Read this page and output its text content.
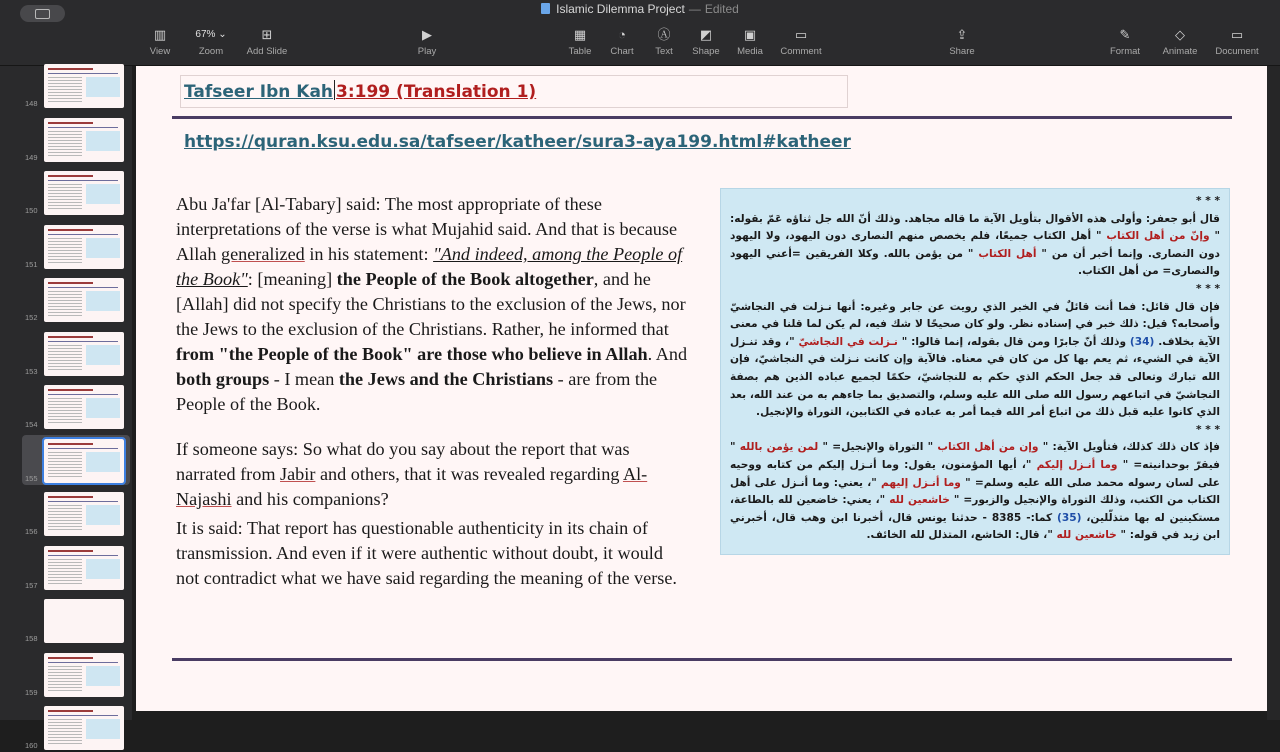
Islamic Dilemma Project — Edited
▥
View
67% ⌄
Zoom
⊞
Add Slide
▶
Play
▦
Table
◔
Chart
Ⓐ
Text
◩
Shape
▣
Media
▭
Comment
⇪
Share
✎
Format
◇
Animate
▭
Document
148
149
150
151
152
153
154
155
156
157
158
159
160
Tafseer Ibn Kah 3:199 (Translation 1)
https://quran.ksu.edu.sa/tafseer/katheer/sura3-aya199.html#katheer

Abu Ja'far [Al-Tabary] said: The most appropriate of these interpretations of the verse is what Mujahid said. And that is because Allah generalized in his statement: "And indeed, among the People of the Book": [meaning] the People of the Book altogether, and he [Allah] did not specify the Christians to the exclusion of the Jews, nor the Jews to the exclusion of the Christians. Rather, he informed that from "the People of the Book" are those who believe in Allah. And both groups - I mean the Jews and the Christians - are from the People of the Book.

If someone says: So what do you say about the report that was narrated from Jabir and others, that it was revealed regarding Al-Najashi and his companions?

It is said: That report has questionable authenticity in its chain of transmission. And even if it were authentic without doubt, it would not contradict what we have said regarding the meaning of the verse.

* * *
قال أبو جعفر: وأولى هذه الأقوال بتأويل الآية ما قاله مجاهد. وذلك أنّ الله جل ثناؤه عَمّ بقوله: " وإنّ من أهل الكتاب " أهل الكتاب جميعًا، فلم يخصص منهم النصارى دون اليهود، ولا اليهود دون النصارى. وإنما أخبر أن من " أهل الكتاب " من يؤمن بالله. وكلا الفريقين =أعني اليهود والنصارى= من أهل الكتاب.
* * *
فإن قال قائل: فما أنت قائلٌ في الخبر الذي رويت عن جابر وغيره: أنها نـزلت في النجاشيّ وأصحابه؟ قيل: ذلك خبر في إسناده نظر. ولو كان صحيحًا لا شك فيه، لم يكن لما قلنا في معنى الآية بخلاف. (34) وذلك أنّ جابرًا ومن قال بقوله، إنما قالوا: " نـزلت في النجاشيّ "، وقد تنـزل الآية في الشيء، ثم يعم بها كل من كان في معناه. فالآية وإن كانت نـزلت في النجاشيّ، فإن الله تبارك وتعالى قد جعل الحكم الذي حكم به للنجاشيّ، حكمًا لجميع عباده الذين هم بصفة النجاشيّ في اتباعهم رسول الله صلى الله عليه وسلم، والتصديق بما جاءهم به من عند الله، بعد الذي كانوا عليه قبل ذلك من اتباع أمر الله فيما أمر به عباده في الكتابين، التوراة والإنجيل.
* * *
فإذ كان ذلك كذلك، فتأويل الآية: " وإن من أهل الكتاب " التوراة والإنجيل= " لمن يؤمن بالله " فيقرّ بوحدانيته= " وما أنـزل إليكم "، أيها المؤمنون، يقول: وما أنـزل إليكم من كتابه ووحيه على لسان رسوله محمد صلى الله عليه وسلم= " وما أنـزل إليهم "، يعني: وما أنـزل على أهل الكتاب من الكتب، وذلك التوراة والإنجيل والزبور= " خاشعين لله "، يعني: خاضعين لله بالطاعة، مستكينين له بها متذلّلين، (35) كما:- 8385 - حدثنا يونس قال، أخبرنا ابن وهب قال، أخبرني ابن زيد في قوله: " خاشعين لله "، قال: الخاشع، المتذلل لله الخائف.
